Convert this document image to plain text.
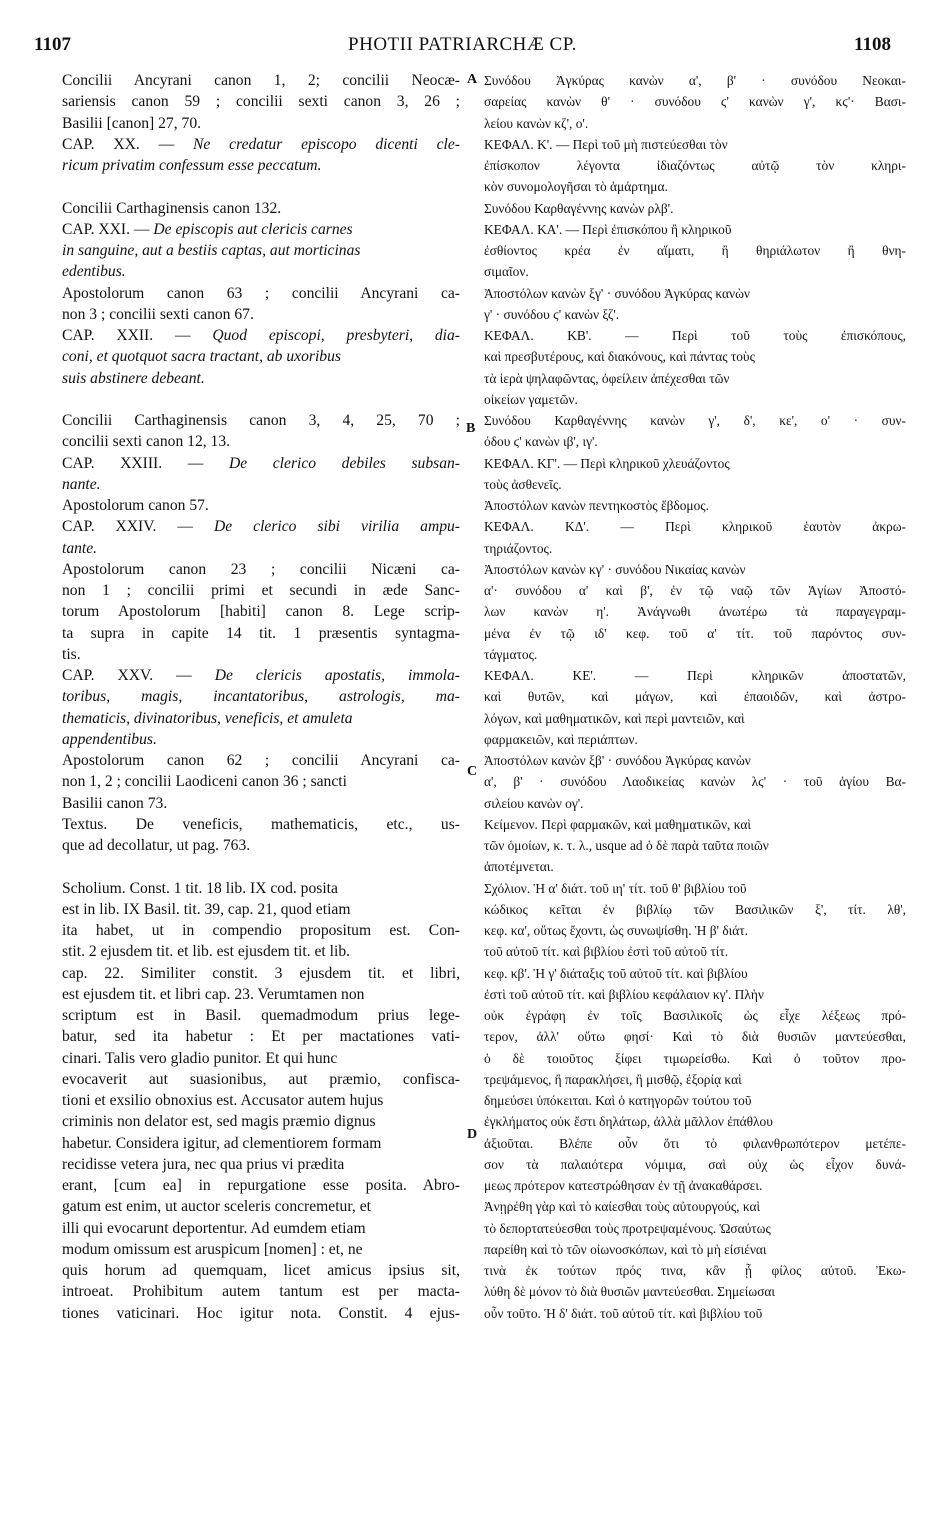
1107	PHOTII PATRIARCHÆ CP.	1108
Concilii Ancyrani canon 1, 2; concilii Neocæ-
sariensis canon 59 ; concilii sexti canon 3, 26 ;
Basilii [canon] 27, 70.
CAP. XX. — Ne credatur episcopo dicenti cle-
ricum privatim confessum esse peccatum.
Concilii Carthaginensis canon 132.
CAP. XXI. — De episcopis aut clericis carnes
in sanguine, aut a bestiis captas, aut morticinas
edentibus.
Apostolorum canon 63 ; concilii Ancyrani ca-
non 3 ; concilii sexti canon 67.
CAP. XXII. — Quod episcopi, presbyteri, dia-
coni, et quotquot sacra tractant, ab uxoribus
suis abstinere debeant.
Concilii Carthaginensis canon 3, 4, 25, 70 ;
concilii sexti canon 12, 13.
CAP. XXIII. — De clerico debiles subsan-
nante.
Apostolorum canon 57.
CAP. XXIV. — De clerico sibi virilia ampu-
tante.
Apostolorum canon 23 ; concilii Nicæni ca-
non 1 ; concilii primi et secundi in æde Sanc-
torum Apostolorum [habiti] canon 8. Lege scrip-
ta supra in capite 14 tit. 1 præsentis syntagma-
tis.
CAP. XXV. — De clericis apostatis, immola-
toribus, magis, incantatoribus, astrologis, ma-
thematicis, divinatoribus, veneficis, et amuleta
appendentibus.
Apostolorum canon 62 ; concilii Ancyrani ca-
non 1, 2 ; concilii Laodiceni canon 36 ; sancti
Basilii canon 73.
Textus. De veneficis, mathematicis, etc., us-
que ad decollatur, ut pag. 763.
Scholium. Const. 1 tit. 18 lib. IX cod. posita
est in lib. IX Basil. tit. 39, cap. 21, quod etiam
ita habet, ut in compendio propositum est. Con-
stit. 2 ejusdem tit. et lib. est ejusdem tit. et lib.
cap. 22. Similiter constit. 3 ejusdem tit. et libri,
est ejusdem tit. et libri cap. 23. Verumtamen non
scriptum est in Basil. quemadmodum prius lege-
batur, sed ita habetur : Et per mactationes vati-
cinari. Talis vero gladio punitor. Et qui hunc
evocaverit aut suasionibus, aut præmio, confisca-
tioni et exsilio obnoxius est. Accusator autem hujus
criminis non delator est, sed magis præmio dignus
habetur. Considera igitur, ad clementiorem formam
recidisse vetera jura, nec qua prius vi prædita
erant, [cum ea] in repurgatione esse posita. Abro-
gatum est enim, ut auctor sceleris concremetur, et
illi qui evocarunt deportentur. Ad eumdem etiam
modum omissum est aruspicum [nomen] : et, ne
quis horum ad quemquam, licet amicus ipsius sit,
introeat. Prohibitum autem tantum est per macta-
tiones vaticinari. Hoc igitur nota. Constit. 4 ejus-
Συνόδου Ἀγκύρας κανὼν α', β' · συνόδου Νεοκαι-
σαρείας κανὼν θ' · συνόδου ϛ' κανὼν γ', κϛ'· Βασι-
λείου κανὼν κζ', ο'.
ΚΕΦΑΛ. Κ'. — Περὶ τοῦ μὴ πιστεύεσθαι τὸν
ἐπίσκοπον λέγοντα ἰδιαζόντως αὐτῷ τὸν κληρι-
κὸν συνομολογῆσαι τὸ ἁμάρτημα.
Συνόδου Καρθαγέννης κανὼν ρλβ'.
ΚΕΦΑΛ. ΚΑ'. — Περὶ ἐπισκόπου ἢ κληρικοῦ
ἐσθίοντος κρέα ἐν αἵματι, ἢ θηριάλωτον ἢ θνη-
σιμαῖον.
Ἀποστόλων κανὼν ξγ' · συνόδου Ἀγκύρας κανὼν
γ' · συνόδου ϛ' κανὼν ξζ'.
ΚΕΦΑΛ. ΚΒ'. — Περὶ τοῦ τοὺς ἐπισκόπους,
καὶ πρεσβυτέρους, καὶ διακόνους, καὶ πάντας τοὺς
τὰ ἱερὰ ψηλαφῶντας, ὀφείλειν ἀπέχεσθαι τῶν
οἰκείων γαμετῶν.
Συνόδου Καρθαγέννης κανὼν γ', δ', κε', ο' · συν-
όδου ϛ' κανὼν ιβ', ιγ'.
ΚΕΦΑΛ. ΚΓ'. — Περὶ κληρικοῦ χλευάζοντος
τοὺς ἀσθενεῖς.
Ἀποστόλων κανὼν πεντηκοστὸς ἕβδομος.
ΚΕΦΑΛ. ΚΔ'. — Περὶ κληρικοῦ ἑαυτὸν ἀκρω-
τηριάζοντος.
Ἀποστόλων κανὼν κγ' · συνόδου Νικαίας κανὼν
α'· συνόδου α' καὶ β', ἐν τῷ ναῷ τῶν Ἁγίων Ἀποστό-
λων κανὼν η'. Ἀνάγνωθι ἀνωτέρω τὰ παραγεγραμ-
μένα ἐν τῷ ιδ' κεφ. τοῦ α' τίτ. τοῦ παρόντος συν-
τάγματος.
ΚΕΦΑΛ. ΚΕ'. — Περὶ κληρικῶν ἀποστατῶν,
καὶ θυτῶν, καὶ μάγων, καὶ ἐπαοιδῶν, καὶ ἀστρο-
λόγων, καὶ μαθηματικῶν, καὶ περὶ μαντειῶν, καὶ
φαρμακειῶν, καὶ περιάπτων.
Ἀποστόλων κανὼν ξβ' · συνόδου Ἀγκύρας κανὼν
α', β' · συνόδου Λαοδικείας κανὼν λϛ' · τοῦ ἁγίου Βα-
σιλείου κανὼν ογ'.
Κείμενον. Περὶ φαρμακῶν, καὶ μαθηματικῶν, καὶ
τῶν ὁμοίων, κ. τ. λ., usque ad ὁ δὲ παρὰ ταῦτα ποιῶν
ἀποτέμνεται.
Σχόλιον. Ἡ α' διάτ. τοῦ ιη' τίτ. τοῦ θ' βιβλίου τοῦ
κώδικος κεῖται ἐν βιβλίῳ τῶν Βασιλικῶν ξ', τίτ. λθ',
κεφ. κα', οὕτως ἔχοντι, ὡς συνωψίσθη. Ἡ β' διάτ.
τοῦ αὐτοῦ τίτ. καὶ βιβλίου ἐστὶ τοῦ αὐτοῦ τίτ.
κεφ. κβ'. Ἡ γ' διάταξις τοῦ αὐτοῦ τίτ. καὶ βιβλίου
ἐστὶ τοῦ αὐτοῦ τίτ. καὶ βιβλίου κεφάλαιον κγ'. Πλὴν
οὐκ ἐγράφη ἐν τοῖς Βασιλικοῖς ὡς εἶχε λέξεως πρό-
τερον, ἀλλ' οὕτω φησί· Καὶ τὸ διὰ θυσιῶν μαντεύεσθαι,
ὁ δὲ τοιοῦτος ξίφει τιμωρείσθω. Καὶ ὁ τοῦτον προ-
τρεψάμενος, ἢ παρακλήσει, ἢ μισθῷ, ἐξορίᾳ καὶ
δημεύσει ὑπόκειται. Καὶ ὁ κατηγορῶν τούτου τοῦ
ἐγκλήματος οὐκ ἔστι δηλάτωρ, ἀλλὰ μᾶλλον ἐπάθλου
ἀξιοῦται. Βλέπε οὖν ὅτι τὸ φιλανθρωπότερον μετέπε-
σον τὰ παλαιότερα νόμιμα, σαὶ οὐχ ὡς εἶχον δυνά-
μεως πρότερον κατεστρώθησαν ἐν τῇ ἀνακαθάρσει.
Ἀνῃρέθη γὰρ καὶ τὸ καίεσθαι τοὺς αὐτουργούς, καὶ
τὸ δεπορτατεύεσθαι τοὺς προτρεψαμένους. Ὡσαύτως
παρείθη καὶ τὸ τῶν οἰωνοσκόπων, καὶ τὸ μὴ εἰσιέναι
τινὰ ἐκ τούτων πρός τινα, κἂν ᾖ φίλος αὐτοῦ. Ἐκω-
λύθη δὲ μόνον τὸ διὰ θυσιῶν μαντεύεσθαι. Σημείωσαι
οὖν τοῦτο. Ἡ δ' διάτ. τοῦ αὐτοῦ τίτ. καὶ βιβλίου τοῦ
A
B
C
D
